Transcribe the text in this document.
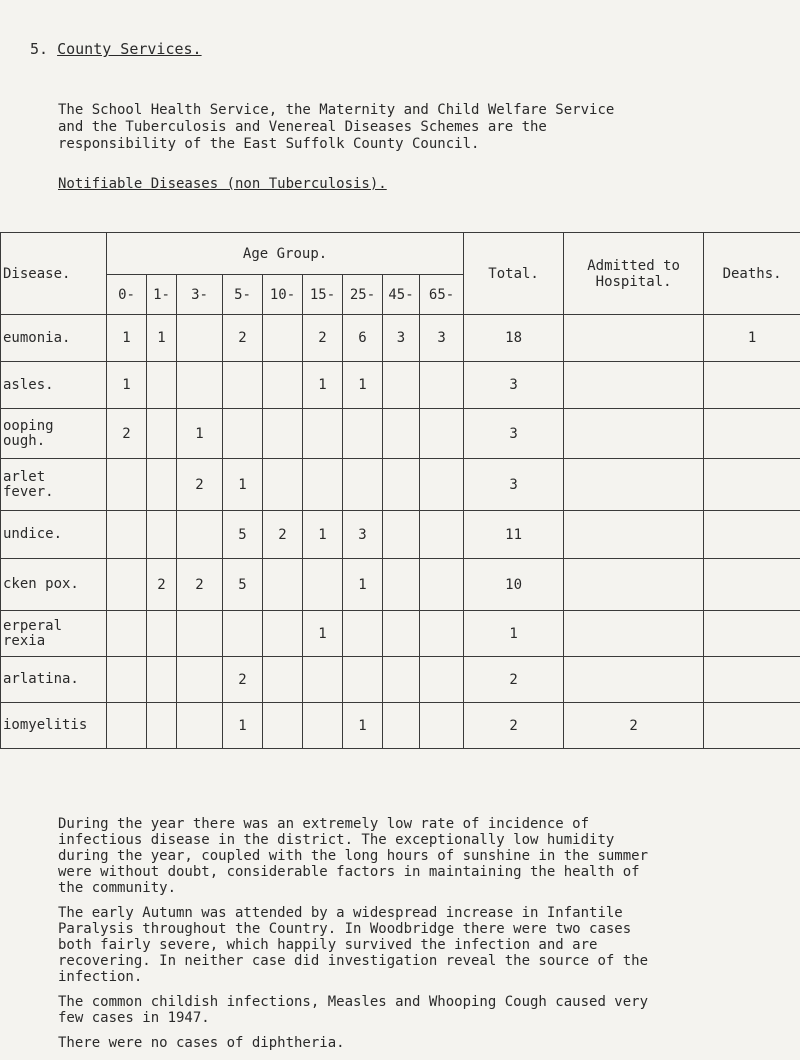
5. County Services.
The School Health Service, the Maternity and Child Welfare Service
and the Tuberculosis and Venereal Diseases Schemes are the
responsibility of the East Suffolk County Council.
Notifiable Diseases (non Tuberculosis).
Disease.	Age Group.									Total.	Admitted to Hospital.	Deaths.
	0-	1-	3-	5-	10-	15-	25-	45-	65-			
eumonia.	1	1		2		2	6	3	3	18		1
asles.	1					1	1			3		
ooping
ough.	2		1							3		
arlet
fever.			2	1						3		
undice.				5	2	1	3			11		
cken pox.		2	2	5			1			10		
erperal
rexia						1				1		
arlatina.				2						2		
iomyelitis				1			1			2	2	

During the year there was an extremely low rate of incidence of
infectious disease in the district. The exceptionally low humidity
during the year, coupled with the long hours of sunshine in the summer
were without doubt, considerable factors in maintaining the health of
the community.

The early Autumn was attended by a widespread increase in Infantile
Paralysis throughout the Country. In Woodbridge there were two cases
both fairly severe, which happily survived the infection and are
recovering. In neither case did investigation reveal the source of the
infection.

The common childish infections, Measles and Whooping Cough caused very
few cases in 1947.

There were no cases of diphtheria.
